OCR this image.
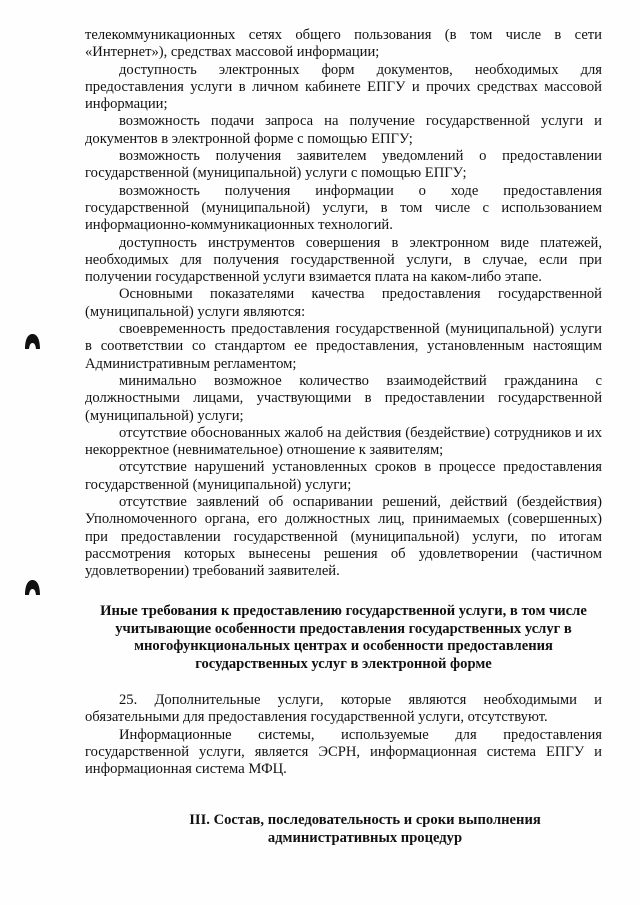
телекоммуникационных сетях общего пользования (в том числе в сети «Интернет»), средствах массовой информации;

доступность электронных форм документов, необходимых для предоставления услуги в личном кабинете ЕПГУ и прочих средствах массовой информации;

возможность подачи запроса на получение государственной услуги и документов в электронной форме с помощью ЕПГУ;

возможность получения заявителем уведомлений о предоставлении государственной (муниципальной) услуги с помощью ЕПГУ;

возможность получения информации о ходе предоставления государственной (муниципальной) услуги, в том числе с использованием информационно-коммуникационных технологий.

доступность инструментов совершения в электронном виде платежей, необходимых для получения государственной услуги, в случае, если при получении государственной услуги взимается плата на каком-либо этапе.

Основными показателями качества предоставления государственной (муниципальной) услуги являются:

своевременность предоставления государственной (муниципальной) услуги в соответствии со стандартом ее предоставления, установленным настоящим Административным регламентом;

минимально возможное количество взаимодействий гражданина с должностными лицами, участвующими в предоставлении государственной (муниципальной) услуги;

отсутствие обоснованных жалоб на действия (бездействие) сотрудников и их некорректное (невнимательное) отношение к заявителям;

отсутствие нарушений установленных сроков в процессе предоставления государственной (муниципальной) услуги;

отсутствие заявлений об оспаривании решений, действий (бездействия) Уполномоченного органа, его должностных лиц, принимаемых (совершенных) при предоставлении государственной (муниципальной) услуги, по итогам рассмотрения которых вынесены решения об удовлетворении (частичном удовлетворении) требований заявителей.

Иные требования к предоставлению государственной услуги, в том числе учитывающие особенности предоставления государственных услуг в многофункциональных центрах и особенности предоставления государственных услуг в электронной форме

25. Дополнительные услуги, которые являются необходимыми и обязательными для предоставления государственной услуги, отсутствуют.

Информационные системы, используемые для предоставления государственной услуги, является ЭСРН, информационная система ЕПГУ и информационная система МФЦ.

III. Состав, последовательность и сроки выполнения
административных процедур
